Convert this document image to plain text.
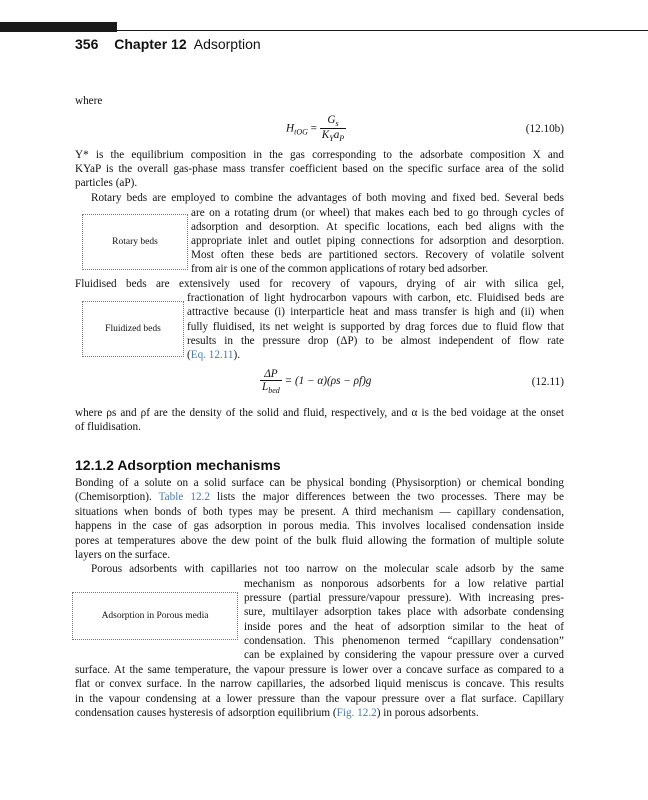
356 Chapter 12 Adsorption
where
$H_{tOG} = \frac{G_s}{K_Ya_P}$	(12.10b)
Y* is the equilibrium composition in the gas corresponding to the adsorbate composition X and
KYaP is the overall gas-phase mass transfer coefficient based on the specific surface area of the solid
particles (aP).
Rotary beds are employed to combine the advantages of both moving and fixed bed. Several beds
are on a rotating drum (or wheel) that makes each bed to go through cycles of
adsorption and desorption. At specific locations, each bed aligns with the
appropriate inlet and outlet piping connections for adsorption and desorption.
Most often these beds are partitioned sectors. Recovery of volatile solvent
from air is one of the common applications of rotary bed adsorber.
Rotary beds
Fluidised beds are extensively used for recovery of vapours, drying of air with silica gel,
fractionation of light hydrocarbon vapours with carbon, etc. Fluidised beds are
attractive because (i) interparticle heat and mass transfer is high and (ii) when
fully fluidised, its net weight is supported by drag forces due to fluid flow that
results in the pressure drop (ΔP) to be almost independent of flow rate
(Eq. 12.11).
Fluidized beds
$\frac{\Delta P}{L_{bed}} = (1 - \alpha)(\rho s - \rho f)g$	(12.11)
where ρs and ρf are the density of the solid and fluid, respectively, and α is the bed voidage at the onset
of fluidisation.
12.1.2 Adsorption mechanisms
Bonding of a solute on a solid surface can be physical bonding (Physisorption) or chemical bonding
(Chemisorption). Table 12.2 lists the major differences between the two processes. There may be
situations when bonds of both types may be present. A third mechanism — capillary condensation,
happens in the case of gas adsorption in porous media. This involves localised condensation inside
pores at temperatures above the dew point of the bulk fluid allowing the formation of multiple solute
layers on the surface.
Porous adsorbents with capillaries not too narrow on the molecular scale adsorb by the same
mechanism as nonporous adsorbents for a low relative partial
pressure (partial pressure/vapour pressure). With increasing pres-
sure, multilayer adsorption takes place with adsorbate condensing
inside pores and the heat of adsorption similar to the heat of
condensation. This phenomenon termed “capillary condensation”
can be explained by considering the vapour pressure over a curved
Adsorption in Porous media
surface. At the same temperature, the vapour pressure is lower over a concave surface as compared to a
flat or convex surface. In the narrow capillaries, the adsorbed liquid meniscus is concave. This results
in the vapour condensing at a lower pressure than the vapour pressure over a flat surface. Capillary
condensation causes hysteresis of adsorption equilibrium (Fig. 12.2) in porous adsorbents.
